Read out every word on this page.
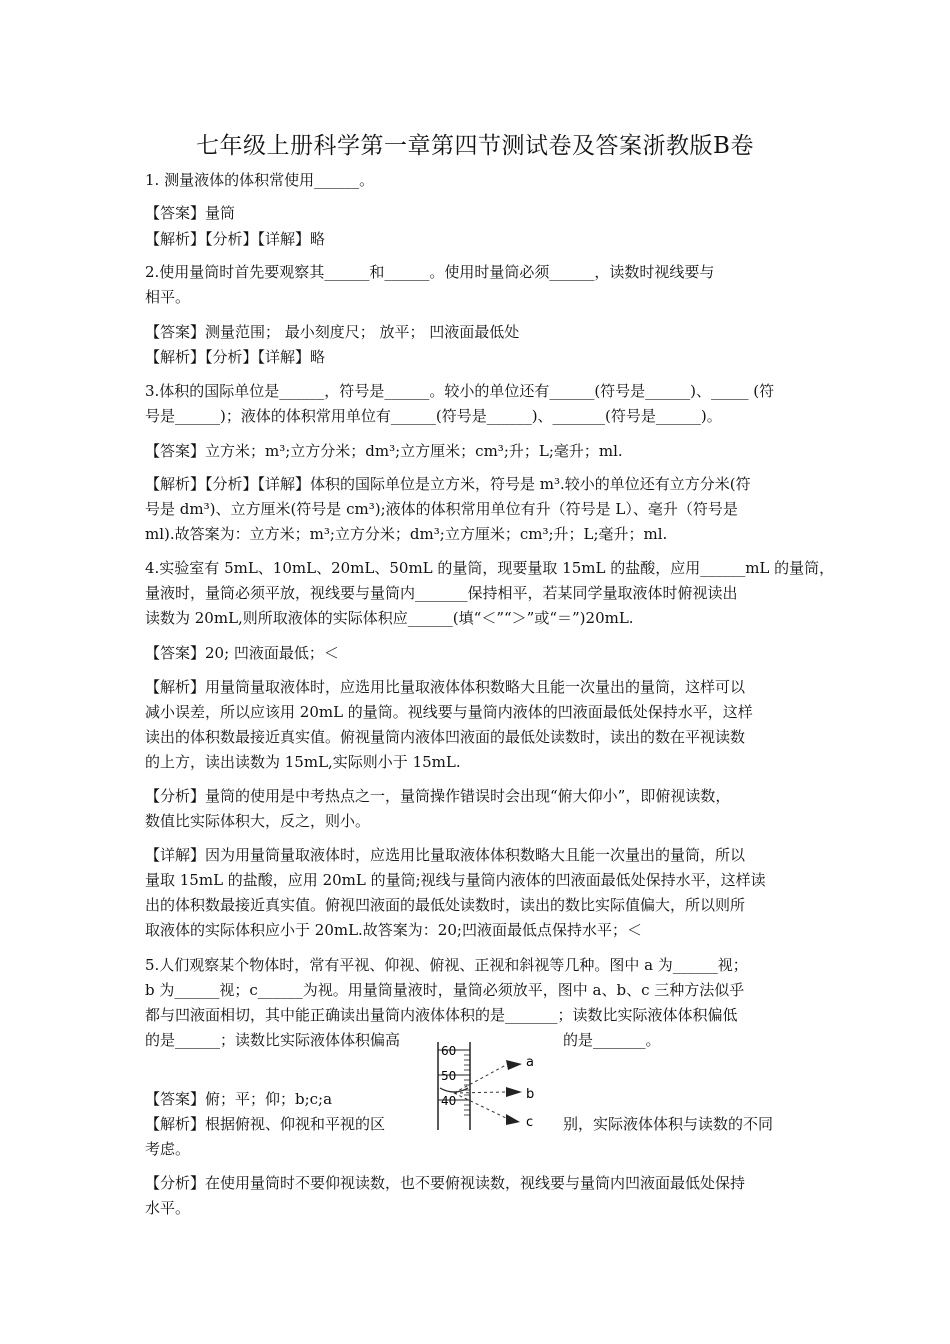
七年级上册科学第一章第四节测试卷及答案浙教版B卷
1. 测量液体的体积常使用______。
【答案】量筒
【解析】【分析】【详解】略
2.使用量筒时首先要观察其______和______。使用时量筒必须______，读数时视线要与
相平。
【答案】测量范围； 最小刻度尺； 放平； 凹液面最低处
【解析】【分析】【详解】略
3.体积的国际单位是______，符号是______。较小的单位还有______(符号是______)、_____ (符
号是______)；液体的体积常用单位有______(符号是______)、_______(符号是______)。
【答案】立方米；m³;立方分米；dm³;立方厘米；cm³;升；L;毫升；ml.
【解析】【分析】【详解】体积的国际单位是立方米，符号是 m³.较小的单位还有立方分米(符
号是 dm³)、立方厘米(符号是 cm³);液体的体积常用单位有升（符号是 L）、毫升（符号是
ml).故答案为：立方米；m³;立方分米；dm³;立方厘米；cm³;升；L;毫升；ml.
4.实验室有 5mL、10mL、20mL、50mL 的量筒，现要量取 15mL 的盐酸，应用______mL 的量筒，
量液时，量筒必须平放，视线要与量筒内_______保持相平，若某同学量取液体时俯视读出
读数为 20mL,则所取液体的实际体积应______(填“＜”“＞”或“＝”)20mL.
【答案】20; 凹液面最低；＜
【解析】用量筒量取液体时，应选用比量取液体体积数略大且能一次量出的量筒，这样可以
减小误差，所以应该用 20mL 的量筒。视线要与量筒内液体的凹液面最低处保持水平，这样
读出的体积数最接近真实值。俯视量筒内液体凹液面的最低处读数时，读出的数在平视读数
的上方，读出读数为 15mL,实际则小于 15mL.
【分析】量筒的使用是中考热点之一，量筒操作错误时会出现“俯大仰小”，即俯视读数，
数值比实际体积大，反之，则小。
【详解】因为用量筒量取液体时，应选用比量取液体体积数略大且能一次量出的量筒，所以
量取 15mL 的盐酸，应用 20mL 的量筒;视线与量筒内液体的凹液面最低处保持水平，这样读
出的体积数最接近真实值。俯视凹液面的最低处读数时，读出的数比实际值偏大，所以则所
取液体的实际体积应小于 20mL.故答案为：20;凹液面最低点保持水平；＜
5.人们观察某个物体时，常有平视、仰视、俯视、正视和斜视等几种。图中 a 为______视；
b 为______视；c______为视。用量筒量液时，量筒必须放平，图中 a、b、c 三种方法似乎
都与凹液面相切，其中能正确读出量筒内液体体积的是_______；读数比实际液体体积偏低
的是______；读数比实际液体体积偏高	的是_______。
【答案】俯；平；仰；b;c;a
【解析】根据俯视、仰视和平视的区	别，实际液体体积与读数的不同
考虑。
【分析】在使用量筒时不要仰视读数，也不要俯视读数，视线要与量筒内凹液面最低处保持
水平。
60
50
40
a
b
c
